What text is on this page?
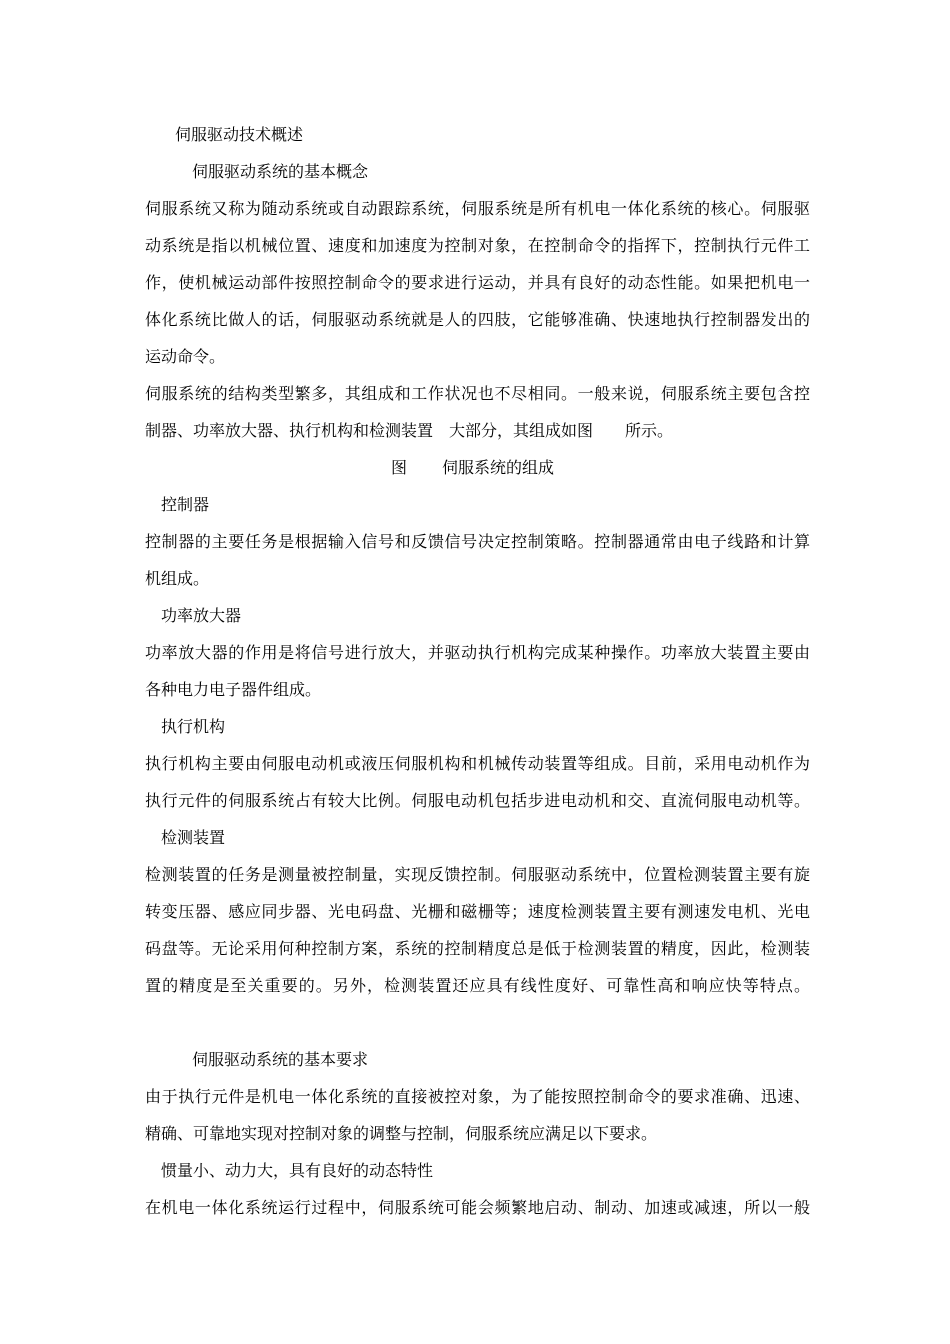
伺服驱动技术概述
伺服驱动系统的基本概念
伺服系统又称为随动系统或自动跟踪系统，伺服系统是所有机电一体化系统的核心。伺服驱
动系统是指以机械位置、速度和加速度为控制对象，在控制命令的指挥下，控制执行元件工
作，使机械运动部件按照控制命令的要求进行运动，并具有良好的动态性能。如果把机电一
体化系统比做人的话，伺服驱动系统就是人的四肢，它能够准确、快速地执行控制器发出的
运动命令。
伺服系统的结构类型繁多，其组成和工作状况也不尽相同。一般来说，伺服系统主要包含控
制器、功率放大器、执行机构和检测装置　大部分，其组成如图　　所示。
图 伺服系统的组成
控制器
控制器的主要任务是根据输入信号和反馈信号决定控制策略。控制器通常由电子线路和计算
机组成。
功率放大器
功率放大器的作用是将信号进行放大，并驱动执行机构完成某种操作。功率放大装置主要由
各种电力电子器件组成。
执行机构
执行机构主要由伺服电动机或液压伺服机构和机械传动装置等组成。目前，采用电动机作为
执行元件的伺服系统占有较大比例。伺服电动机包括步进电动机和交、直流伺服电动机等。
检测装置
检测装置的任务是测量被控制量，实现反馈控制。伺服驱动系统中，位置检测装置主要有旋
转变压器、感应同步器、光电码盘、光栅和磁栅等；速度检测装置主要有测速发电机、光电
码盘等。无论采用何种控制方案，系统的控制精度总是低于检测装置的精度，因此，检测装
置的精度是至关重要的。另外，检测装置还应具有线性度好、可靠性高和响应快等特点。
伺服驱动系统的基本要求
由于执行元件是机电一体化系统的直接被控对象，为了能按照控制命令的要求准确、迅速、
精确、可靠地实现对控制对象的调整与控制，伺服系统应满足以下要求。
惯量小、动力大，具有良好的动态特性
在机电一体化系统运行过程中，伺服系统可能会频繁地启动、制动、加速或减速，所以一般
